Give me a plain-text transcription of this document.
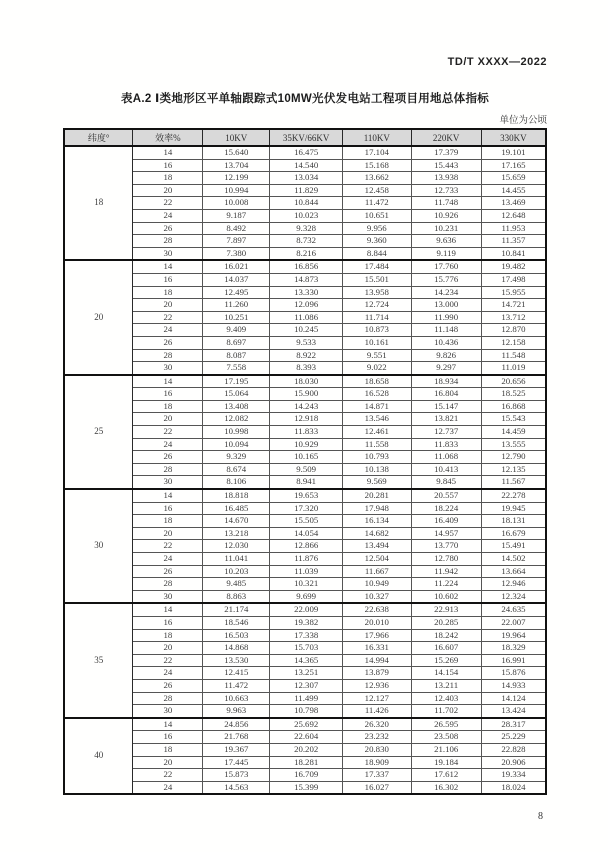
TD/T XXXX—2022
表A.2 Ⅰ类地形区平单轴跟踪式10MW光伏发电站工程项目用地总体指标
单位为公顷
纬度°	效率%	10KV	35KV/66KV	110KV	220KV	330KV
18	14	15.640	16.475	17.104	17.379	19.101
	16	13.704	14.540	15.168	15.443	17.165
	18	12.199	13.034	13.662	13.938	15.659
	20	10.994	11.829	12.458	12.733	14.455
	22	10.008	10.844	11.472	11.748	13.469
	24	9.187	10.023	10.651	10.926	12.648
	26	8.492	9.328	9.956	10.231	11.953
	28	7.897	8.732	9.360	9.636	11.357
	30	7.380	8.216	8.844	9.119	10.841
20	14	16.021	16.856	17.484	17.760	19.482
	16	14.037	14.873	15.501	15.776	17.498
	18	12.495	13.330	13.958	14.234	15.955
	20	11.260	12.096	12.724	13.000	14.721
	22	10.251	11.086	11.714	11.990	13.712
	24	9.409	10.245	10.873	11.148	12.870
	26	8.697	9.533	10.161	10.436	12.158
	28	8.087	8.922	9.551	9.826	11.548
	30	7.558	8.393	9.022	9.297	11.019
25	14	17.195	18.030	18.658	18.934	20.656
	16	15.064	15.900	16.528	16.804	18.525
	18	13.408	14.243	14.871	15.147	16.868
	20	12.082	12.918	13.546	13.821	15.543
	22	10.998	11.833	12.461	12.737	14.459
	24	10.094	10.929	11.558	11.833	13.555
	26	9.329	10.165	10.793	11.068	12.790
	28	8.674	9.509	10.138	10.413	12.135
	30	8.106	8.941	9.569	9.845	11.567
30	14	18.818	19.653	20.281	20.557	22.278
	16	16.485	17.320	17.948	18.224	19.945
	18	14.670	15.505	16.134	16.409	18.131
	20	13.218	14.054	14.682	14.957	16.679
	22	12.030	12.866	13.494	13.770	15.491
	24	11.041	11.876	12.504	12.780	14.502
	26	10.203	11.039	11.667	11.942	13.664
	28	9.485	10.321	10.949	11.224	12.946
	30	8.863	9.699	10.327	10.602	12.324
35	14	21.174	22.009	22.638	22.913	24.635
	16	18.546	19.382	20.010	20.285	22.007
	18	16.503	17.338	17.966	18.242	19.964
	20	14.868	15.703	16.331	16.607	18.329
	22	13.530	14.365	14.994	15.269	16.991
	24	12.415	13.251	13.879	14.154	15.876
	26	11.472	12.307	12.936	13.211	14.933
	28	10.663	11.499	12.127	12.403	14.124
	30	9.963	10.798	11.426	11.702	13.424
40	14	24.856	25.692	26.320	26.595	28.317
	16	21.768	22.604	23.232	23.508	25.229
	18	19.367	20.202	20.830	21.106	22.828
	20	17.445	18.281	18.909	19.184	20.906
	22	15.873	16.709	17.337	17.612	19.334
	24	14.563	15.399	16.027	16.302	18.024
8
